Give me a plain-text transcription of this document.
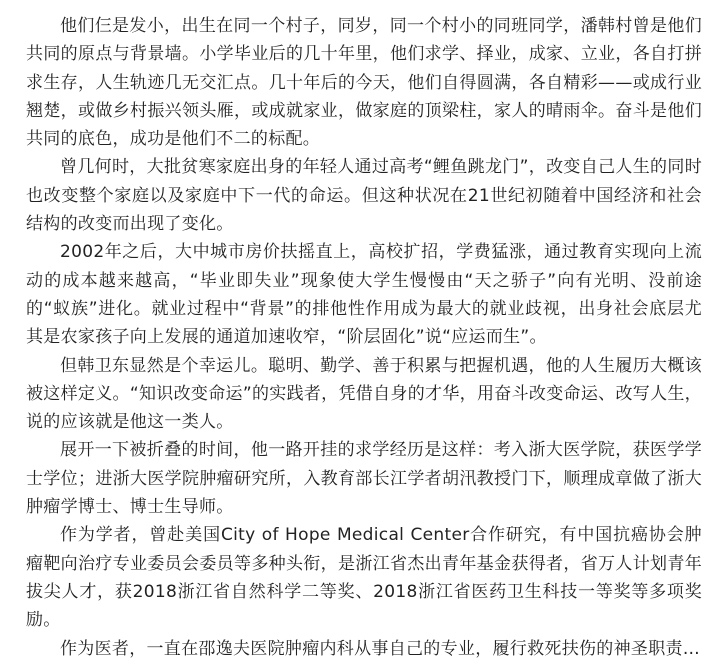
他们仨是发小，出生在同一个村子，同岁，同一个村小的同班同学，潘韩村曾是他们共同的原点与背景墙。小学毕业后的几十年里，他们求学、择业，成家、立业，各自打拼求生存，人生轨迹几无交汇点。几十年后的今天，他们自得圆满，各自精彩——或成行业翘楚，或做乡村振兴领头雁，或成就家业，做家庭的顶梁柱，家人的晴雨伞。奋斗是他们共同的底色，成功是他们不二的标配。

曾几何时，大批贫寒家庭出身的年轻人通过高考“鲤鱼跳龙门”，改变自己人生的同时也改变整个家庭以及家庭中下一代的命运。但这种状况在21世纪初随着中国经济和社会结构的改变而出现了变化。

2002年之后，大中城市房价扶摇直上，高校扩招，学费猛涨，通过教育实现向上流动的成本越来越高，“毕业即失业”现象使大学生慢慢由“天之骄子”向有光明、没前途的“蚁族”进化。就业过程中“背景”的排他性作用成为最大的就业歧视，出身社会底层尤其是农家孩子向上发展的通道加速收窄，“阶层固化”说“应运而生”。

但韩卫东显然是个幸运儿。聪明、勤学、善于积累与把握机遇，他的人生履历大概该被这样定义。“知识改变命运”的实践者，凭借自身的才华，用奋斗改变命运、改写人生，说的应该就是他这一类人。

展开一下被折叠的时间，他一路开挂的求学经历是这样：考入浙大医学院，获医学学士学位；进浙大医学院肿瘤研究所，入教育部长江学者胡汛教授门下，顺理成章做了浙大肿瘤学博士、博士生导师。

作为学者，曾赴美国City of Hope Medical Center合作研究，有中国抗癌协会肿瘤靶向治疗专业委员会委员等多种头衔，是浙江省杰出青年基金获得者，省万人计划青年拔尖人才，获2018浙江省自然科学二等奖、2018浙江省医药卫生科技一等奖等多项奖励。

作为医者，一直在邵逸夫医院肿瘤内科从事自己的专业，履行救死扶伤的神圣职责…
